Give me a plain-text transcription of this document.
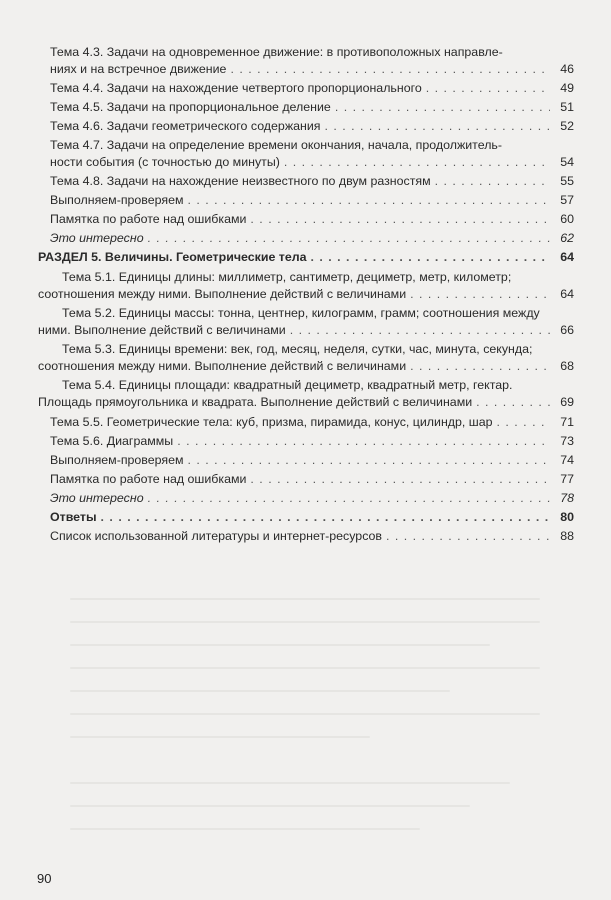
Тема 4.3. Задачи на одновременное движение: в противоположных направле-
ниях и на встречное движение . . .	46
Тема 4.4. Задачи на нахождение четвертого пропорционального . . .	49
Тема 4.5. Задачи на пропорциональное деление . . .	51
Тема 4.6. Задачи геометрического содержания . . .	52
Тема 4.7. Задачи на определение времени окончания, начала, продолжитель-
ности события (с точностью до минуты) . . .	54
Тема 4.8. Задачи на нахождение неизвестного по двум разностям . . .	55
Выполняем-проверяем . . .	57
Памятка по работе над ошибками . . .	60
Это интересно . . .	62
РАЗДЕЛ 5. Величины. Геометрические тела . . .	64
Тема 5.1. Единицы длины: миллиметр, сантиметр, дециметр, метр, километр;
соотношения между ними. Выполнение действий с величинами . . .	64
Тема 5.2. Единицы массы: тонна, центнер, килограмм, грамм; соотношения между
ними. Выполнение действий с величинами . . .	66
Тема 5.3. Единицы времени: век, год, месяц, неделя, сутки, час, минута, секунда;
соотношения между ними. Выполнение действий с величинами . . .	68
Тема 5.4. Единицы площади: квадратный дециметр, квадратный метр, гектар.
Площадь прямоугольника и квадрата. Выполнение действий с величинами . . .	69
Тема 5.5. Геометрические тела: куб, призма, пирамида, конус, цилиндр, шар . . .	71
Тема 5.6. Диаграммы . . .	73
Выполняем-проверяем . . .	74
Памятка по работе над ошибками . . .	77
Это интересно . . .	78
Ответы . . .	80
Список использованной литературы и интернет-ресурсов . . .	88
90
